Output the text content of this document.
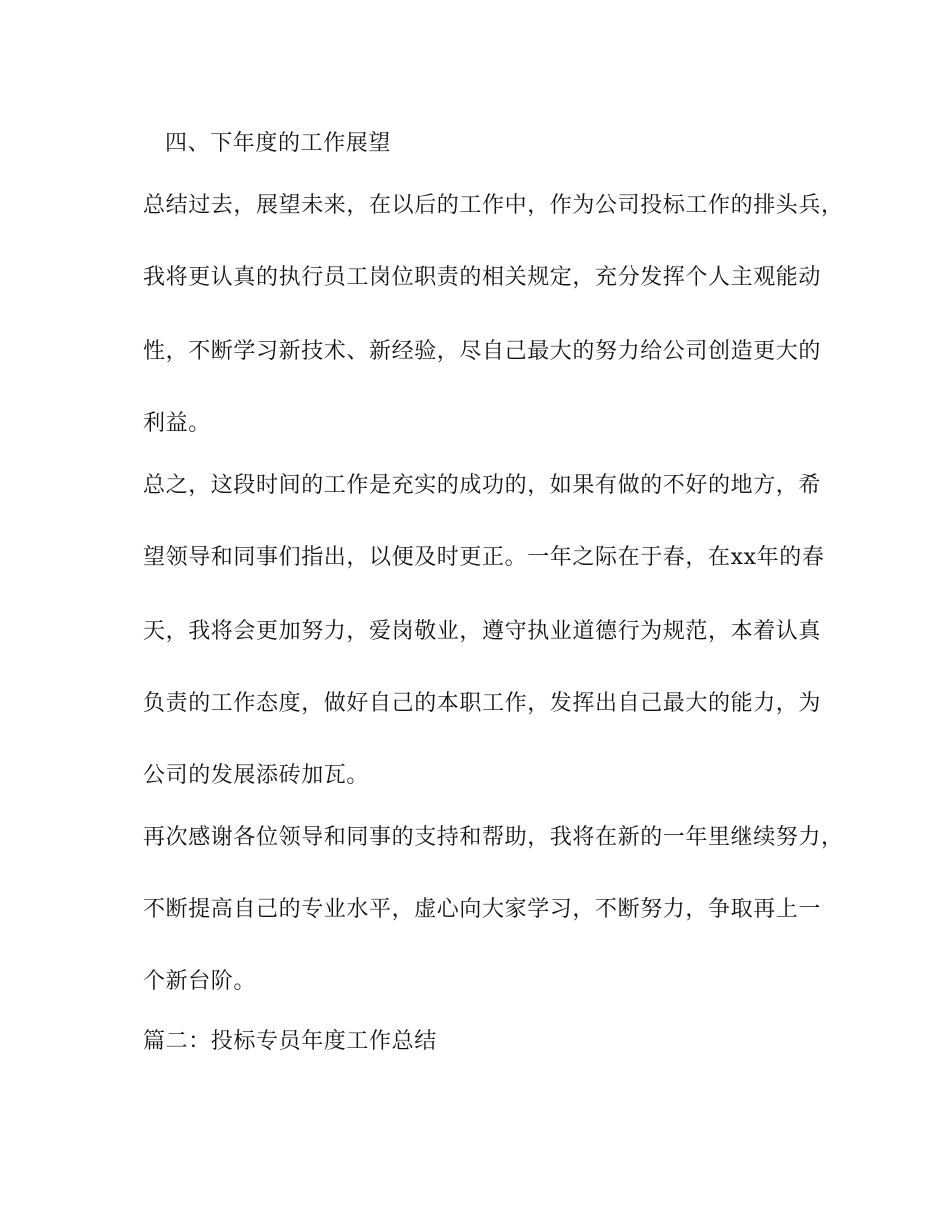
四、下年度的工作展望
总结过去，展望未来，在以后的工作中，作为公司投标工作的排头兵，
我将更认真的执行员工岗位职责的相关规定，充分发挥个人主观能动
性，不断学习新技术、新经验，尽自己最大的努力给公司创造更大的
利益。
总之，这段时间的工作是充实的成功的，如果有做的不好的地方，希
望领导和同事们指出，以便及时更正。一年之际在于春，在xx年的春
天，我将会更加努力，爱岗敬业，遵守执业道德行为规范，本着认真
负责的工作态度，做好自己的本职工作，发挥出自己最大的能力，为
公司的发展添砖加瓦。
再次感谢各位领导和同事的支持和帮助，我将在新的一年里继续努力，
不断提高自己的专业水平，虚心向大家学习，不断努力，争取再上一
个新台阶。
篇二：投标专员年度工作总结
